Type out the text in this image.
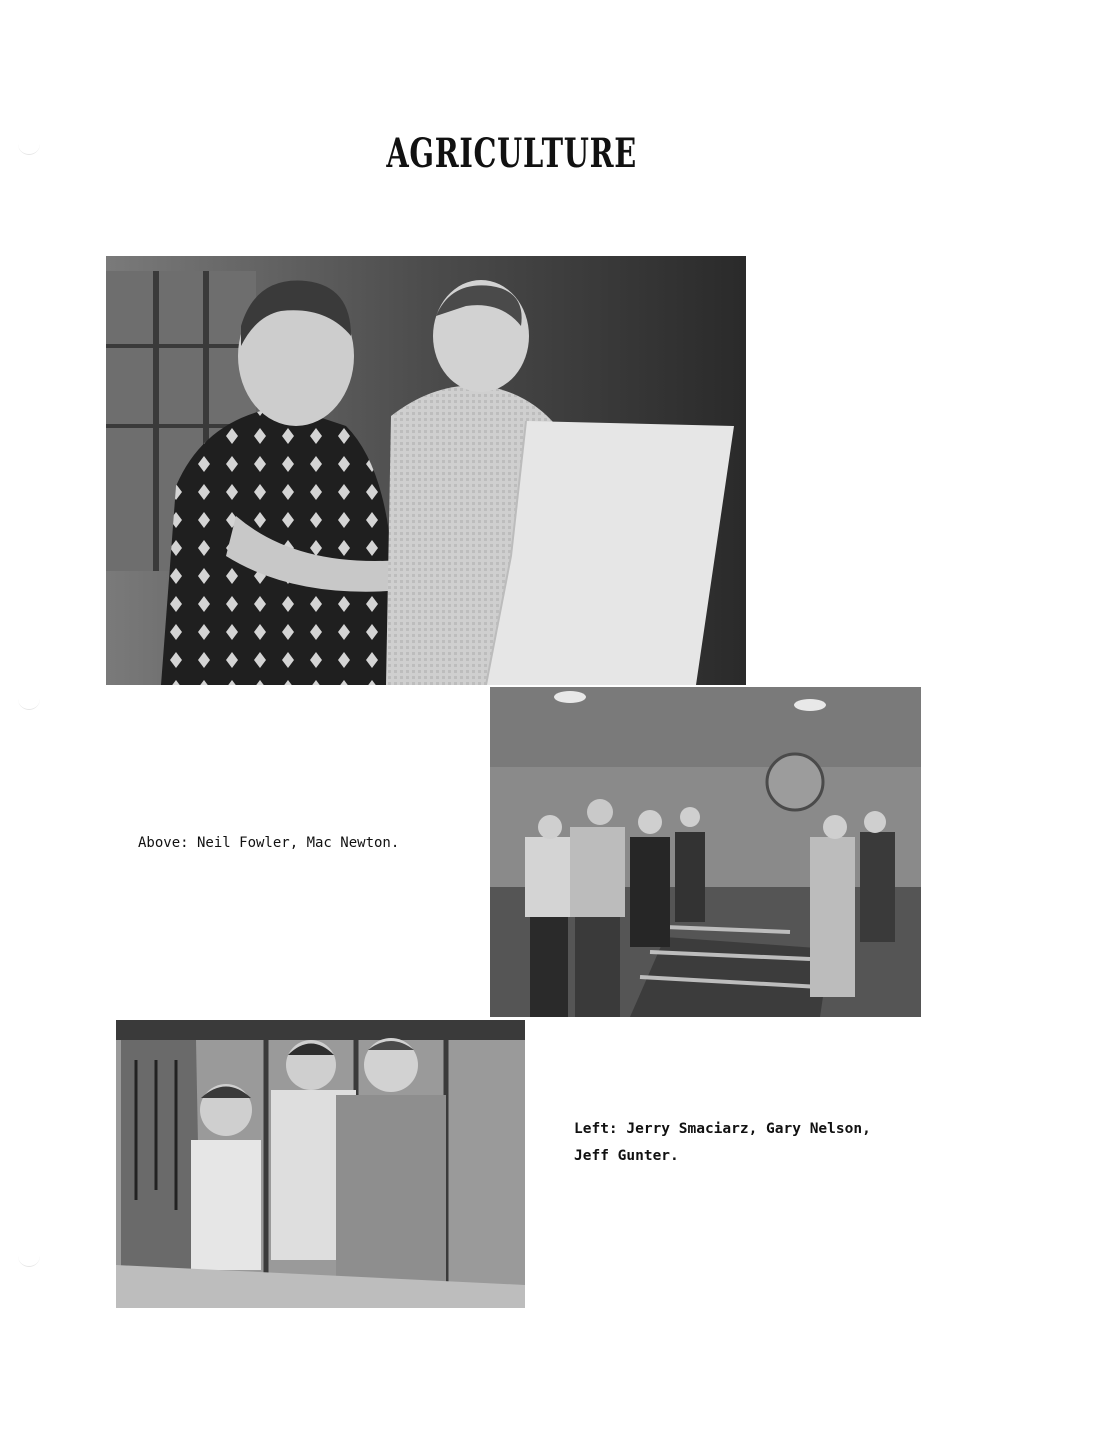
AGRICULTURE
Above: Neil Fowler, Mac Newton.
Left: Jerry Smaciarz, Gary Nelson,
Jeff Gunter.
